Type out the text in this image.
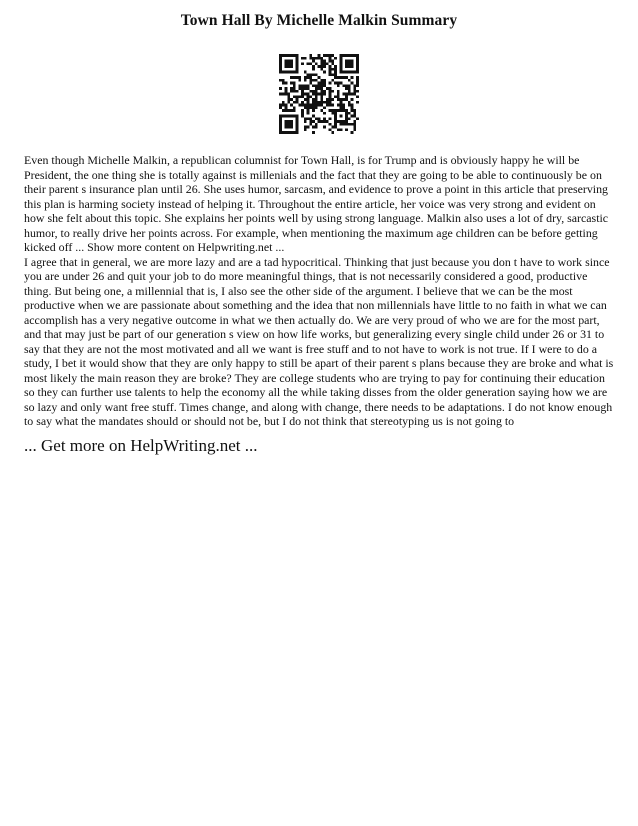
Town Hall By Michelle Malkin Summary

Even though Michelle Malkin, a republican columnist for Town Hall, is for Trump and is obviously happy he will be President, the one thing she is totally against is millenials and the fact that they are going to be able to continuously be on their parent s insurance plan until 26. She uses humor, sarcasm, and evidence to prove a point in this article that preserving this plan is harming society instead of helping it. Throughout the entire article, her voice was very strong and evident on how she felt about this topic. She explains her points well by using strong language. Malkin also uses a lot of dry, sarcastic humor, to really drive her points across. For example, when mentioning the maximum age children can be before getting kicked off ... Show more content on Helpwriting.net ...

I agree that in general, we are more lazy and are a tad hypocritical. Thinking that just because you don t have to work since you are under 26 and quit your job to do more meaningful things, that is not necessarily considered a good, productive thing. But being one, a millennial that is, I also see the other side of the argument. I believe that we can be the most productive when we are passionate about something and the idea that non millennials have little to no faith in what we can accomplish has a very negative outcome in what we then actually do. We are very proud of who we are for the most part, and that may just be part of our generation s view on how life works, but generalizing every single child under 26 or 31 to say that they are not the most motivated and all we want is free stuff and to not have to work is not true. If I were to do a study, I bet it would show that they are only happy to still be apart of their parent s plans because they are broke and what is most likely the main reason they are broke? They are college students who are trying to pay for continuing their education so they can further use talents to help the economy all the while taking disses from the older generation saying how we are so lazy and only want free stuff. Times change, and along with change, there needs to be adaptations. I do not know enough to say what the mandates should or should not be, but I do not think that stereotyping us is not going to

... Get more on HelpWriting.net ...
